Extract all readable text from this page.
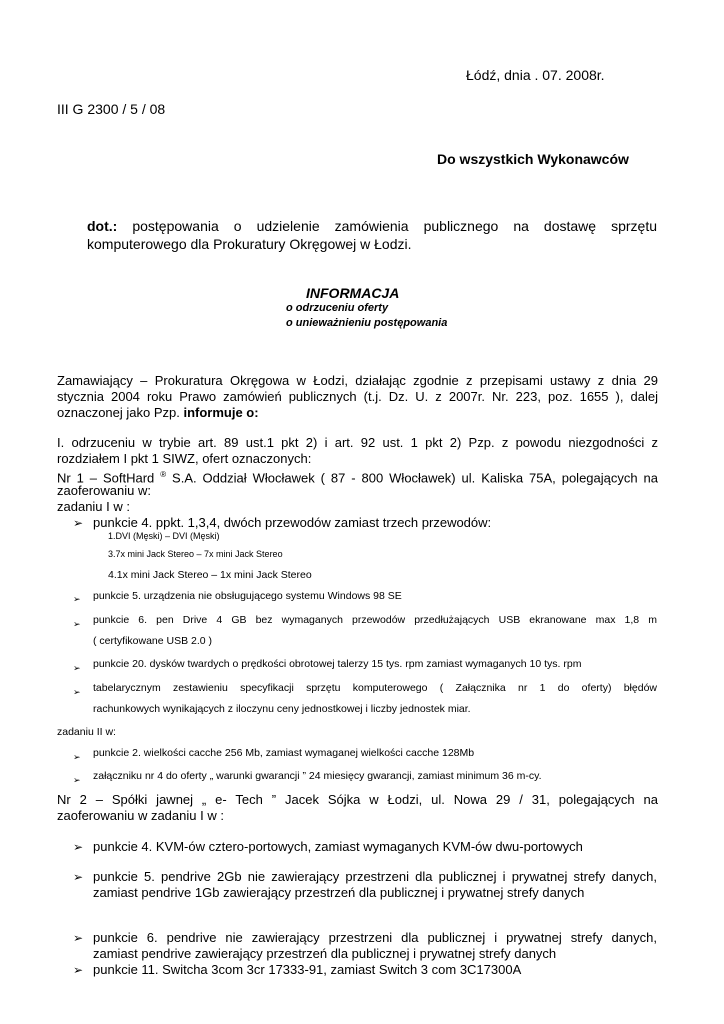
Łódź, dnia . 07. 2008r.
III G 2300 / 5 / 08
Do wszystkich Wykonawców
dot.: postępowania o udzielenie zamówienia publicznego na dostawę sprzętu
komputerowego dla Prokuratury Okręgowej w Łodzi.
INFORMACJA
o odrzuceniu oferty
o unieważnieniu postępowania
Zamawiający – Prokuratura Okręgowa w Łodzi, działając zgodnie z przepisami ustawy z dnia 29
stycznia 2004 roku Prawo zamówień publicznych (t.j. Dz. U. z 2007r. Nr. 223, poz. 1655 ), dalej
oznaczonej jako Pzp. informuje o:
I. odrzuceniu w trybie art. 89 ust.1 pkt 2) i art. 92 ust. 1 pkt 2) Pzp. z powodu niezgodności z
rozdziałem I pkt 1 SIWZ, ofert oznaczonych:
Nr 1 – SoftHard ® S.A. Oddział Włocławek ( 87 - 800 Włocławek) ul. Kaliska 75A, polegających na
zaoferowaniu w:
zadaniu I w :
➢ punkcie 4. ppkt. 1,3,4, dwóch przewodów zamiast trzech przewodów:
1.DVI (Męski) – DVI (Męski)
3.7x mini Jack Stereo – 7x mini Jack Stereo
4.1x mini Jack Stereo – 1x mini Jack Stereo
➢ punkcie 5. urządzenia nie obsługującego systemu Windows 98 SE
➢ punkcie 6. pen Drive 4 GB bez wymaganych przewodów przedłużających USB ekranowane max 1,8 m
( certyfikowane USB 2.0 )
➢ punkcie 20. dysków twardych o prędkości obrotowej talerzy 15 tys. rpm zamiast wymaganych 10 tys. rpm
➢ tabelarycznym zestawieniu specyfikacji sprzętu komputerowego ( Załącznika nr 1 do oferty) błędów
rachunkowych wynikających z iloczynu ceny jednostkowej i liczby jednostek miar.
zadaniu II w:
➢ punkcie 2. wielkości cacche 256 Mb, zamiast wymaganej wielkości cacche 128Mb
➢ załączniku nr 4 do oferty „ warunki gwarancji ” 24 miesięcy gwarancji, zamiast minimum 36 m-cy.
Nr 2 – Spółki jawnej „ e- Tech ” Jacek Sójka w Łodzi, ul. Nowa 29 / 31, polegających na
zaoferowaniu w zadaniu I w :
➢ punkcie 4. KVM-ów cztero-portowych, zamiast wymaganych KVM-ów dwu-portowych
➢ punkcie 5. pendrive 2Gb nie zawierający przestrzeni dla publicznej i prywatnej strefy danych,
zamiast pendrive 1Gb zawierający przestrzeń dla publicznej i prywatnej strefy danych
➢ punkcie 6. pendrive nie zawierający przestrzeni dla publicznej i prywatnej strefy danych,
zamiast pendrive zawierający przestrzeń dla publicznej i prywatnej strefy danych
➢ punkcie 11. Switcha 3com 3cr 17333-91, zamiast Switch 3 com 3C17300A
